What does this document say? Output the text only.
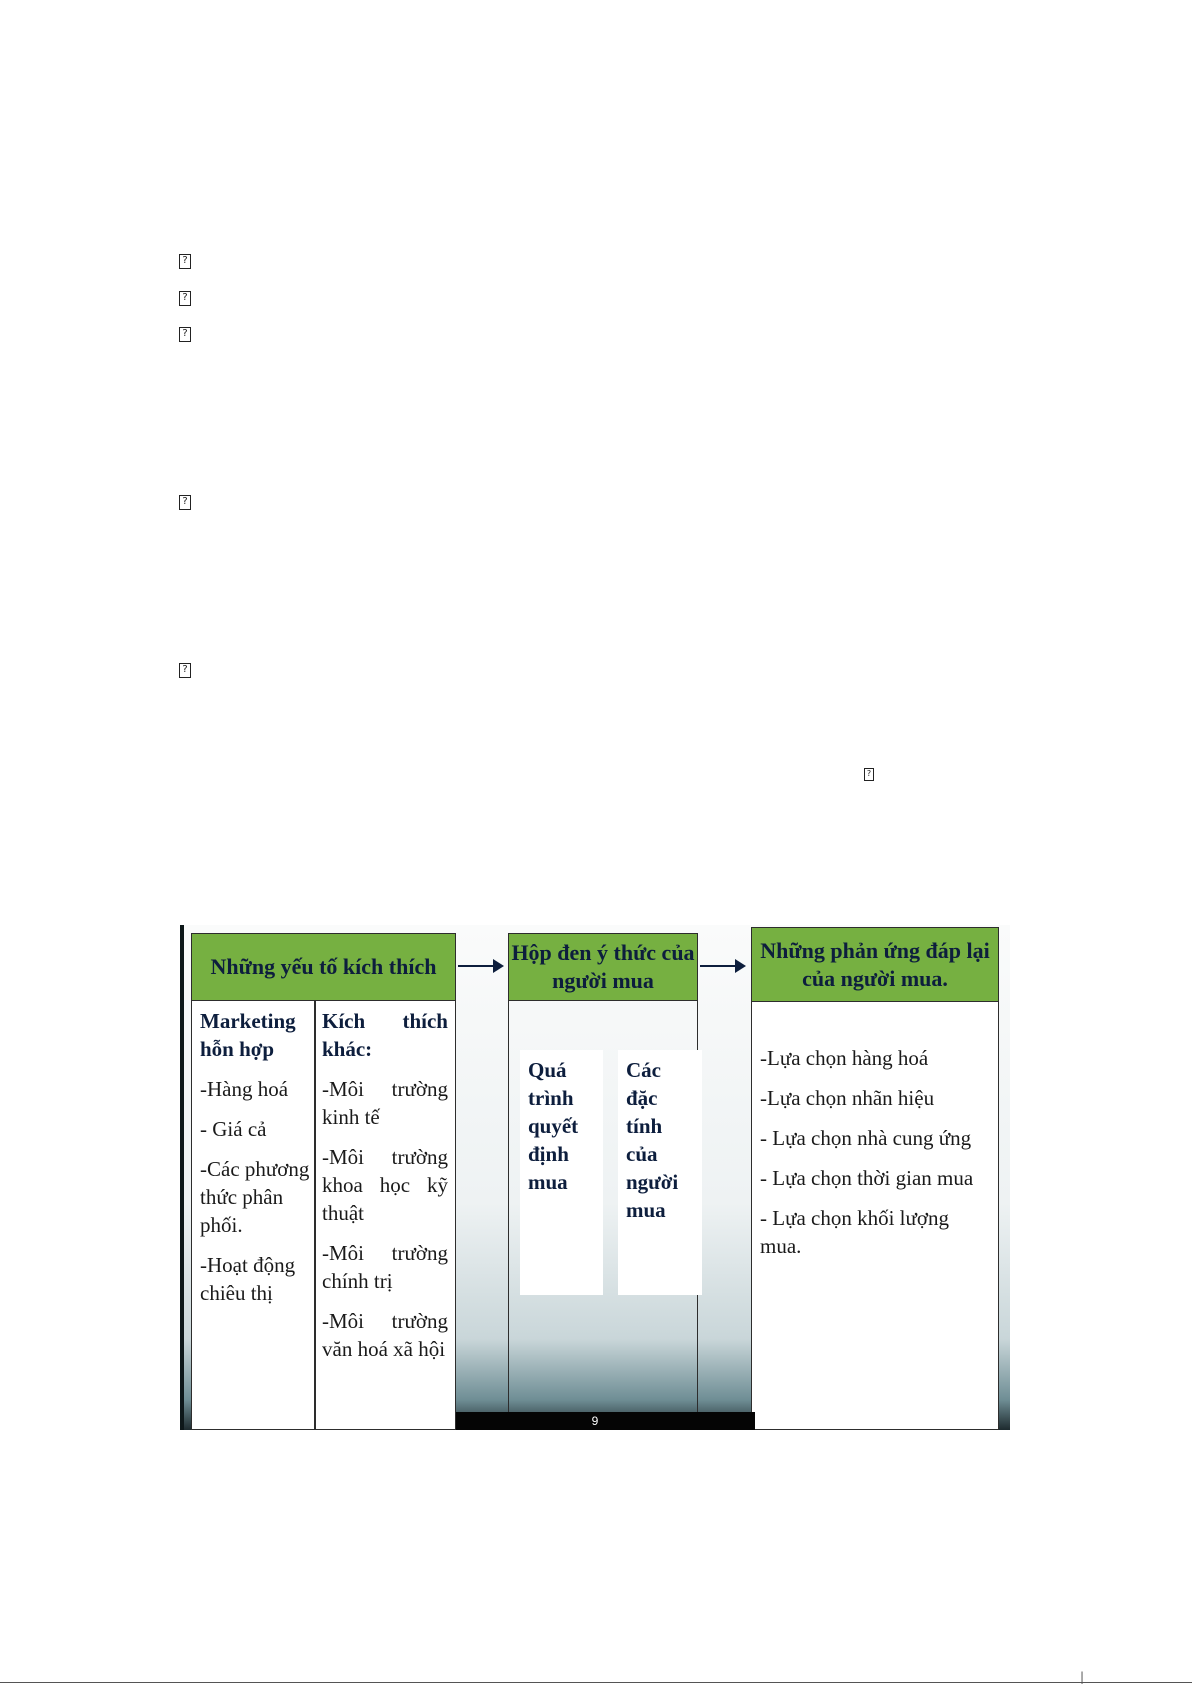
?
?
?
?
?
?
Những yếu tố kích thích

Marketing hỗn hợp

-Hàng hoá

- Giá cả

-Các phương thức phân phối.

-Hoạt động chiêu thị

Kích thích khác:

-Môi trường kinh tế

-Môi trường khoa học kỹ thuật

-Môi trường chính trị

-Môi trường văn hoá xã hội

Hộp đen ý thức của người mua
Quá trình quyết định mua
Các đặc tính của người mua
Những phản ứng đáp lại của người mua.

-Lựa chọn hàng hoá

-Lựa chọn nhãn hiệu

- Lựa chọn nhà cung ứng

- Lựa chọn thời gian mua

- Lựa chọn khối lượng mua.

9
|
